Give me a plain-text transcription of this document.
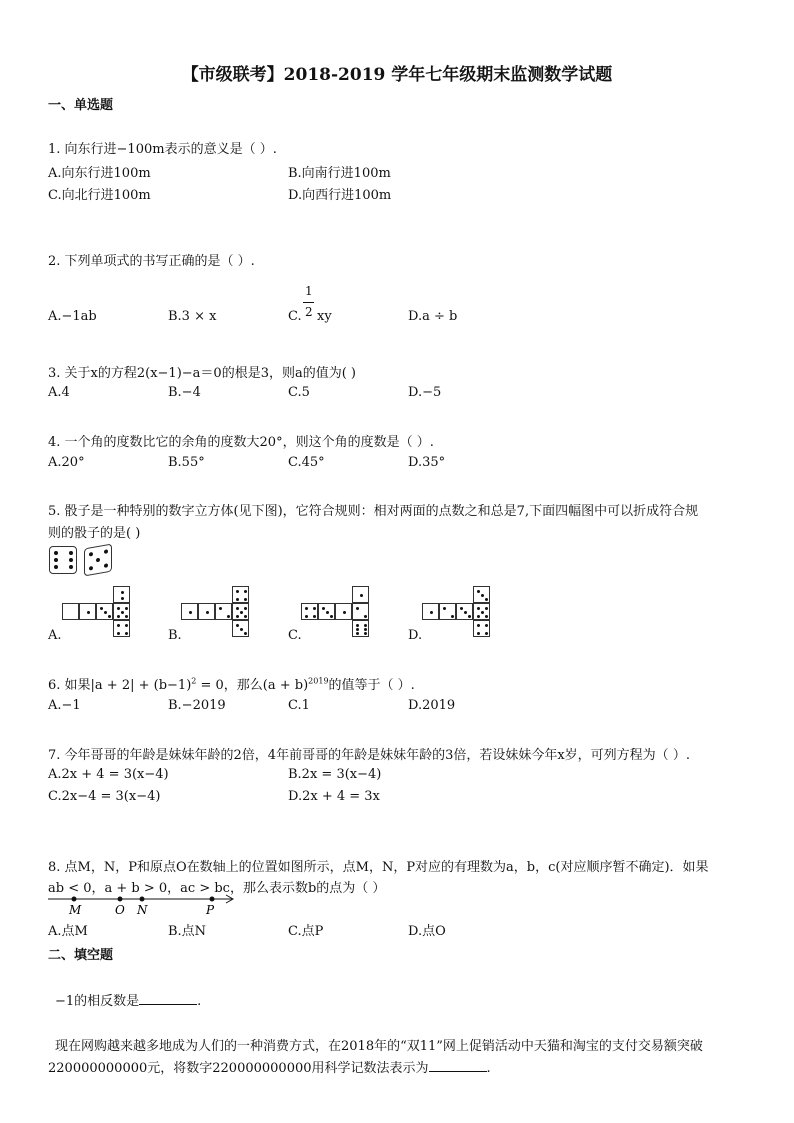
【市级联考】2018-2019 学年七年级期末监测数学试题
一、单选题
1. 向东行进−100m表示的意义是（ ）.
A.向东行进100m	B.向南行进100m
C.向北行进100m	D.向西行进100m
2. 下列单项式的书写正确的是（ ）.
A.−1ab	B.3 × x	C.
1
2 xy	D.a ÷ b
3. 关于x的方程2(x−1)−a＝0的根是3，则a的值为( )
A.4	B.−4	C.5	D.−5
4. 一个角的度数比它的余角的度数大20°，则这个角的度数是（ ）.
A.20°	B.55°	C.45°	D.35°
5. 骰子是一种特别的数字立方体(见下图)，它符合规则：相对两面的点数之和总是7,下面四幅图中可以折成符合规
则的骰子的是( )
A.	B.	C.	D.
6. 如果$|a + 2| + (b-1)^2 = 0$，那么$(a + b)^{2019}$的值等于（ ）.
A.−1	B.−2019	C.1	D.2019
7. 今年哥哥的年龄是妹妹年龄的2倍，4年前哥哥的年龄是妹妹年龄的3倍，若设妹妹今年x岁，可列方程为（ ）.
A.2x + 4 = 3(x−4)	B.2x = 3(x−4)
C.2x−4 = 3(x−4)	D.2x + 4 = 3x
8. 点M，N，P和原点O在数轴上的位置如图所示，点M，N，P对应的有理数为a，b，c(对应顺序暂不确定)．如果
ab < 0，a + b > 0，ac > bc，那么表示数b的点为（ ）
M	O N	P
A.点M	B.点N	C.点P	D.点O
二、填空题
−1的相反数是	.
现在网购越来越多地成为人们的一种消费方式，在2018年的“双11”网上促销活动中天猫和淘宝的支付交易额突破
220000000000元，将数字220000000000用科学记数法表示为	.
